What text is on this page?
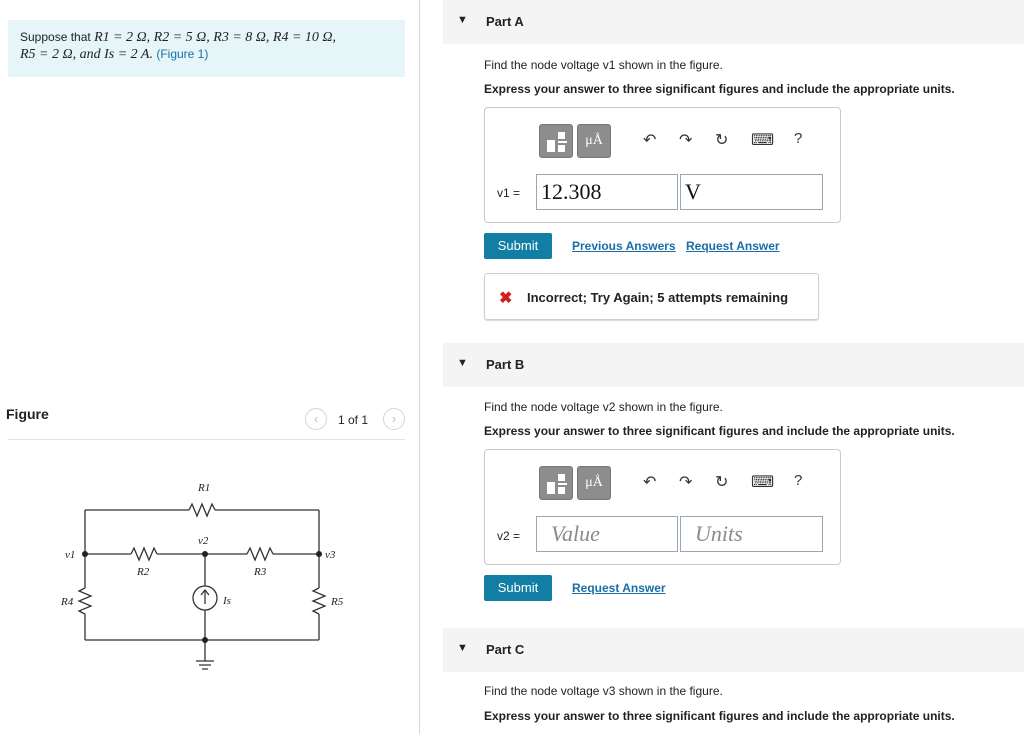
Suppose that R1 = 2 Ω, R2 = 5 Ω, R3 = 8 Ω, R4 = 10 Ω,
R5 = 2 Ω, and Is = 2 A. (Figure 1)
Figure	‹	1 of 1	›
R1
v2
v1	v3
R2	R3
R4	R5
Is
▼ Part A
Find the node voltage v1 shown in the figure.
Express your answer to three significant figures and include the appropriate units.
μÅ	↶ ↷ ↻ ⌨ ?
v1 = 12.308	V
Submit	Previous Answers Request Answer
✖ Incorrect; Try Again; 5 attempts remaining
▼ Part B
Find the node voltage v2 shown in the figure.
Express your answer to three significant figures and include the appropriate units.
μÅ	↶ ↷ ↻ ⌨ ?
v2 =	Value	Units
Submit	Request Answer
▼ Part C
Find the node voltage v3 shown in the figure.
Express your answer to three significant figures and include the appropriate units.
